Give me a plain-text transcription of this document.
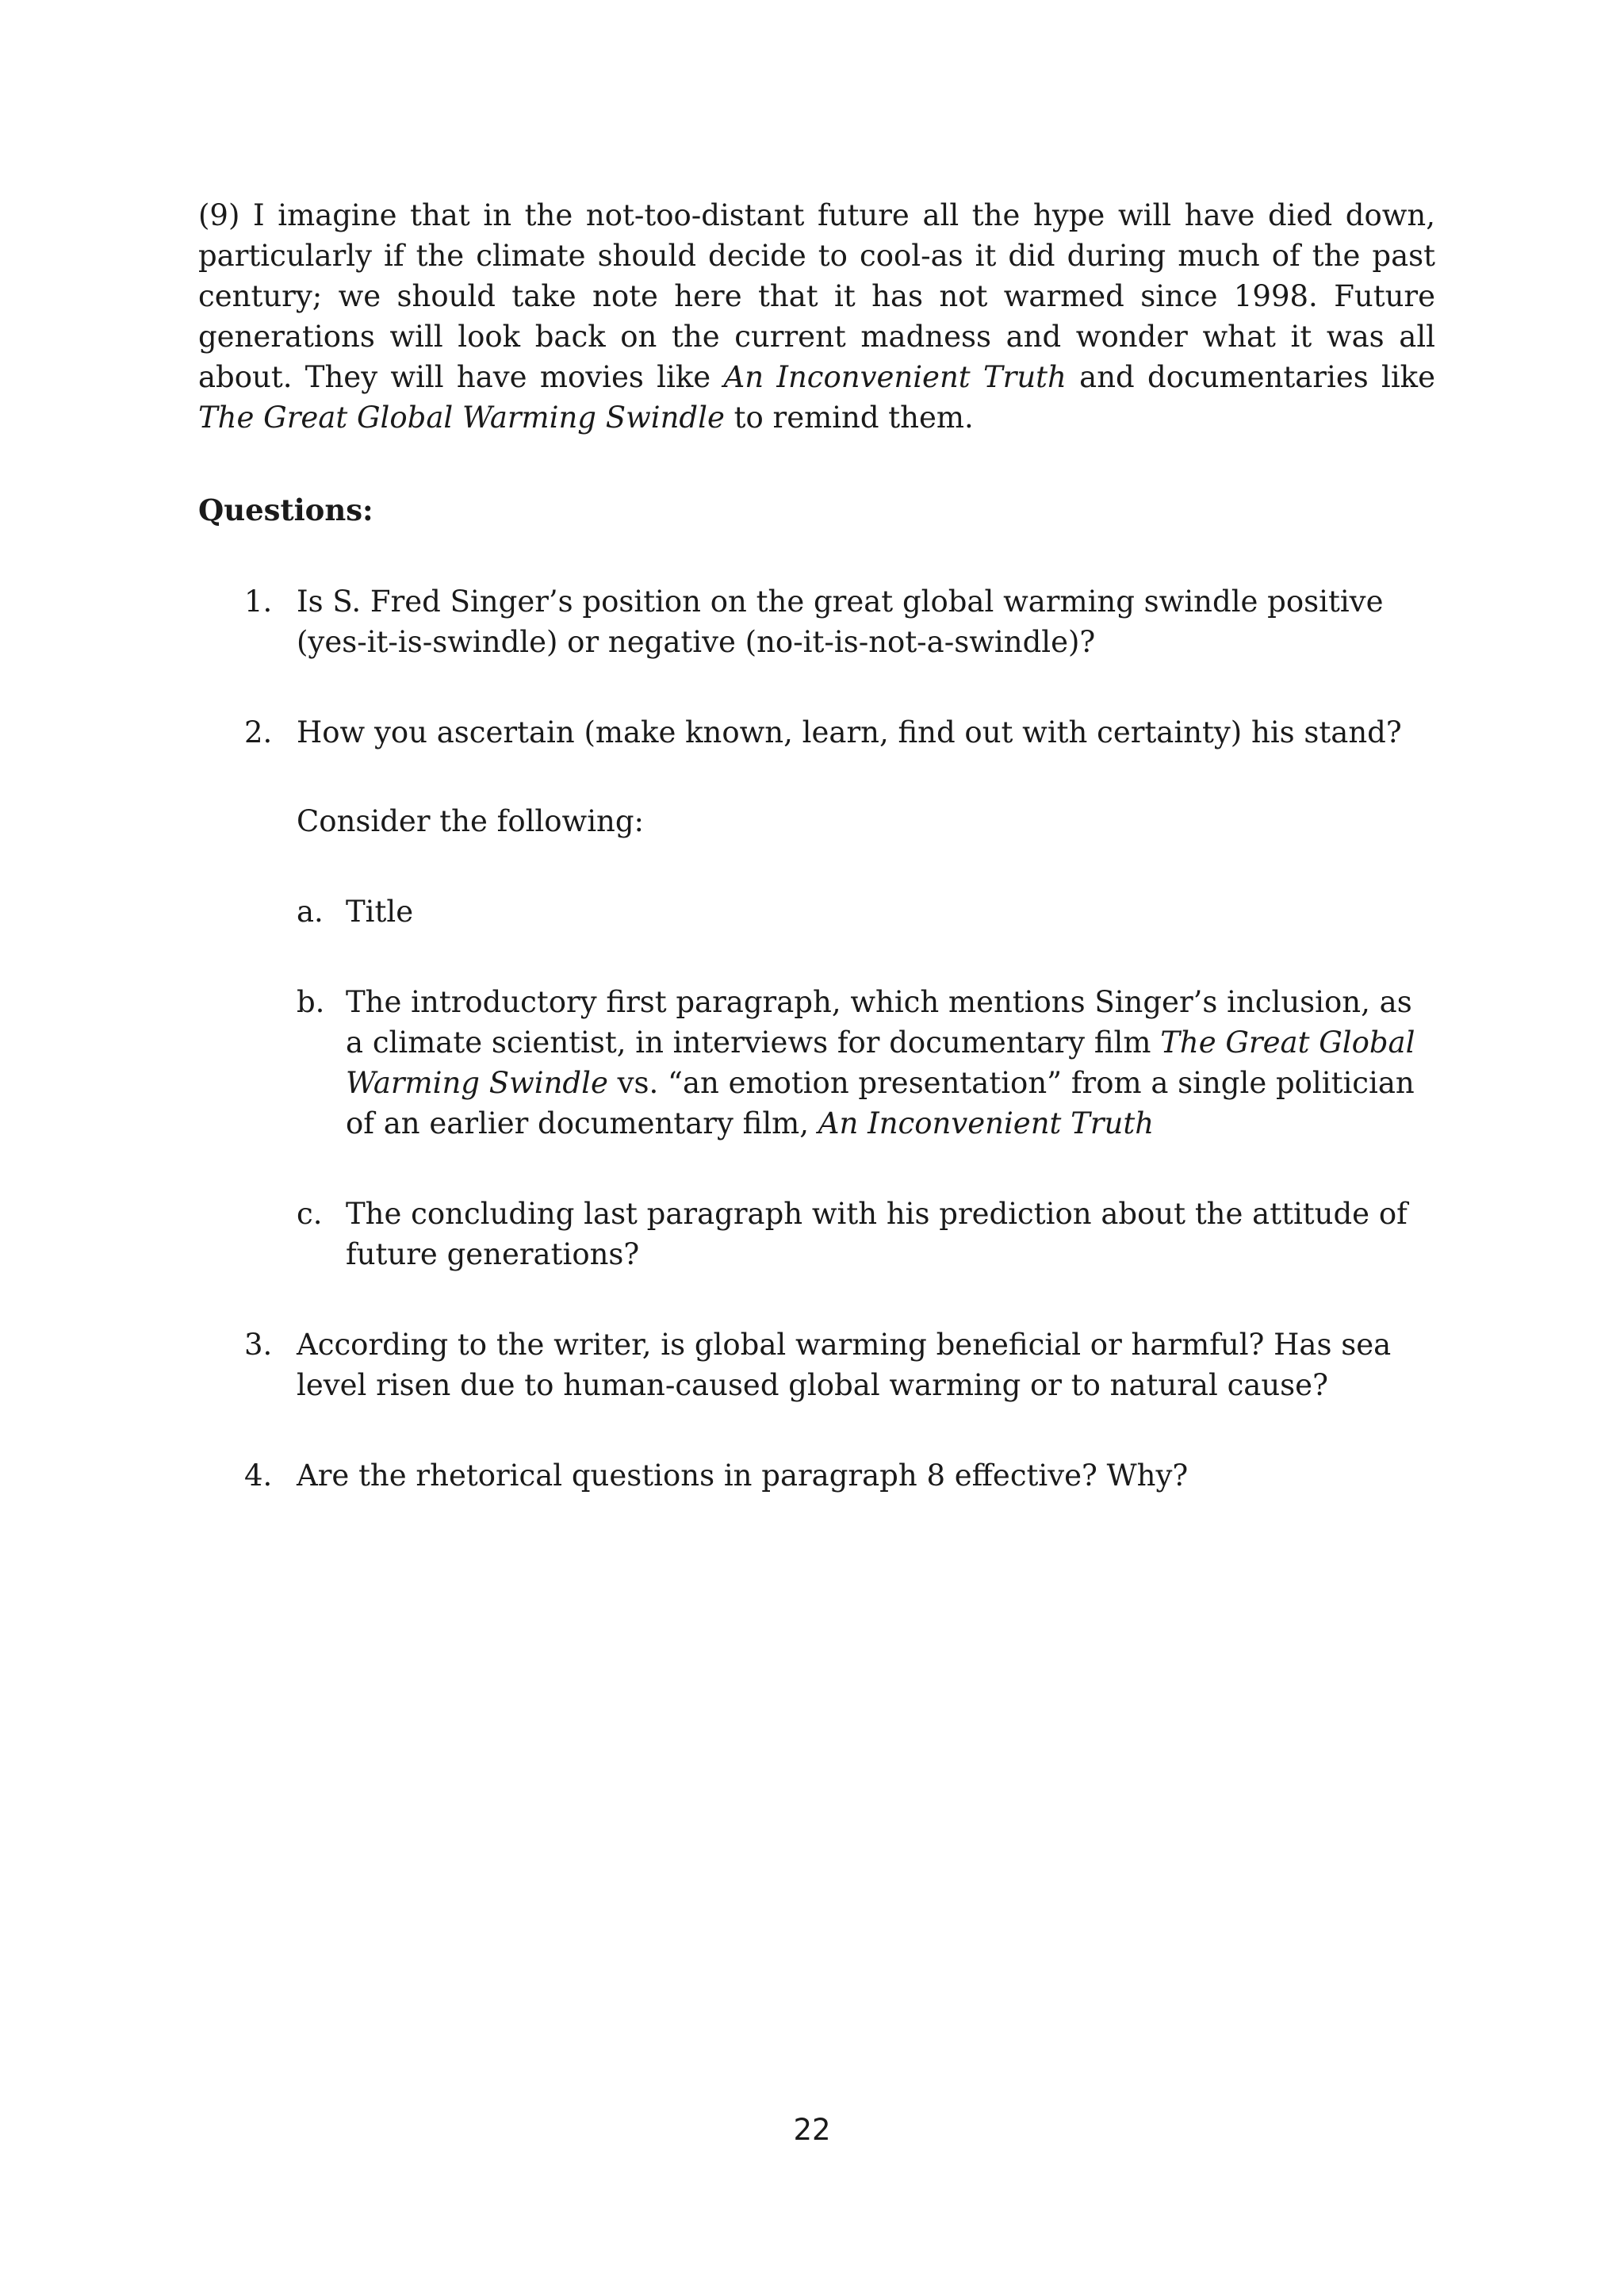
(9) I imagine that in the not-too-distant future all the hype will have died down, particularly if the climate should decide to cool-as it did during much of the past century; we should take note here that it has not warmed since 1998. Future generations will look back on the current madness and wonder what it was all about. They will have movies like An Inconvenient Truth and documentaries like The Great Global Warming Swindle to remind them.

Questions:
1. Is S. Fred Singer’s position on the great global warming swindle positive (yes-it-is-swindle) or negative (no-it-is-not-a-swindle)?
2. How you ascertain (make known, learn, find out with certainty) his stand?
Consider the following:
a. Title
b. The introductory first paragraph, which mentions Singer’s inclusion, as a climate scientist, in interviews for documentary film The Great Global Warming Swindle vs. “an emotion presentation” from a single politician of an earlier documentary film, An Inconvenient Truth
c. The concluding last paragraph with his prediction about the attitude of future generations?
3. According to the writer, is global warming beneficial or harmful? Has sea level risen due to human-caused global warming or to natural cause?
4. Are the rhetorical questions in paragraph 8 effective? Why?
22
